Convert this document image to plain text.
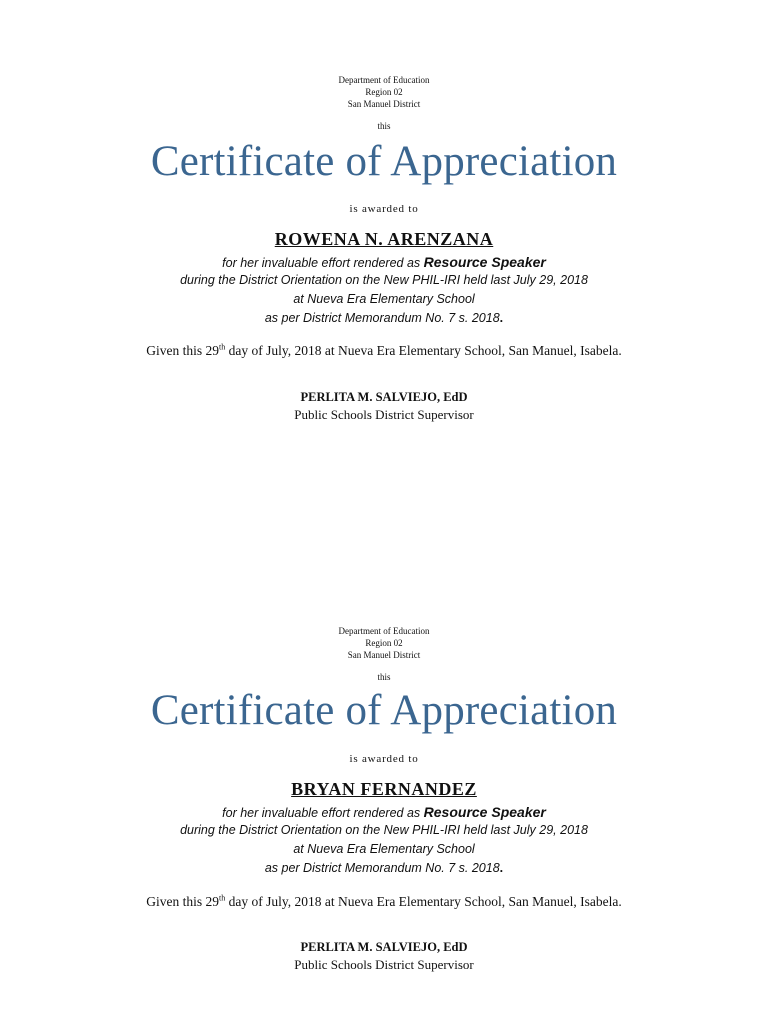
Department of Education
Region 02
San Manuel District
this
Certificate of Appreciation
is awarded to
ROWENA N. ARENZANA
for her invaluable effort rendered as Resource Speaker
during the District Orientation on the New PHIL-IRI held last July 29, 2018
at Nueva Era Elementary School
as per District Memorandum No. 7 s. 2018.
Given this 29th day of July, 2018 at Nueva Era Elementary School, San Manuel, Isabela.
PERLITA M. SALVIEJO, EdD
Public Schools District Supervisor
Department of Education
Region 02
San Manuel District
this
Certificate of Appreciation
is awarded to
BRYAN FERNANDEZ
for her invaluable effort rendered as Resource Speaker
during the District Orientation on the New PHIL-IRI held last July 29, 2018
at Nueva Era Elementary School
as per District Memorandum No. 7 s. 2018.
Given this 29th day of July, 2018 at Nueva Era Elementary School, San Manuel, Isabela.
PERLITA M. SALVIEJO, EdD
Public Schools District Supervisor
